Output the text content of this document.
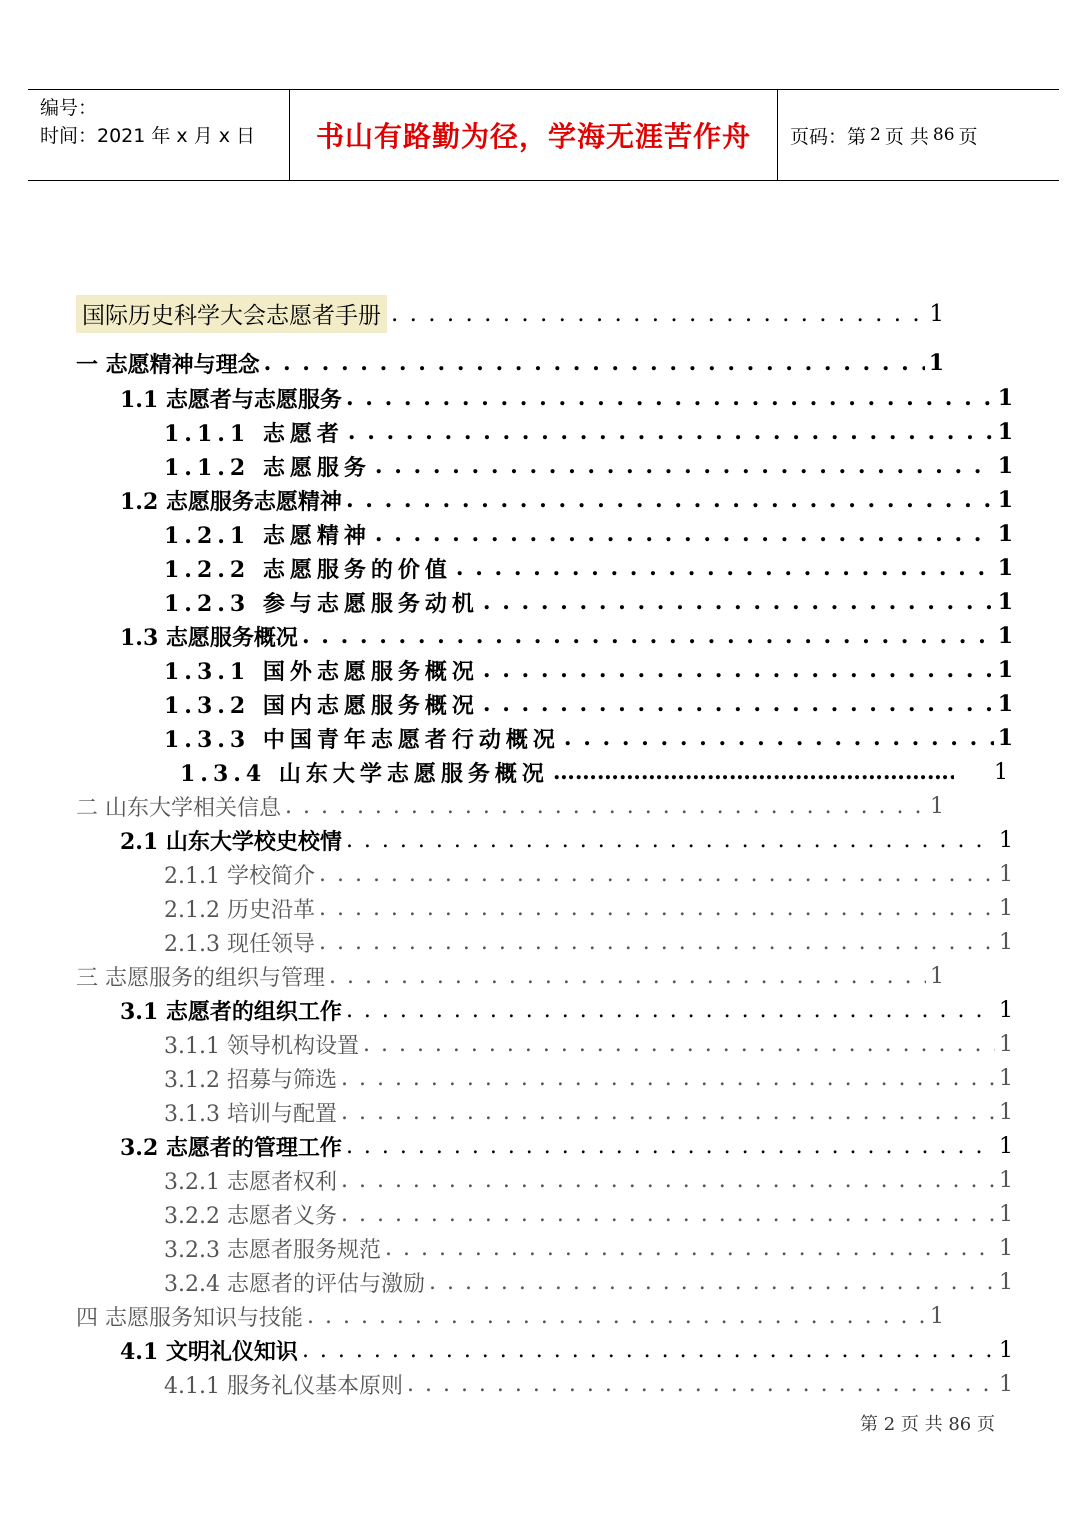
编号：
时间：2021 年 x 月 x 日	书山有路勤为径，学海无涯苦作舟	页码：第 2 页 共 86 页
国际历史科学大会志愿者手册 . . .	1
一 志愿精神与理念 . . .	1
1.1 志愿者与志愿服务 . . .	1
1.1.1 志愿者 . . .	1
1.1.2 志愿服务 . . .	1
1.2 志愿服务志愿精神 . . .	1
1.2.1 志愿精神 . . .	1
1.2.2 志愿服务的价值 . . .	1
1.2.3 参与志愿服务动机 . . .	1
1.3 志愿服务概况 . . .	1
1.3.1 国外志愿服务概况 . . .	1
1.3.2 国内志愿服务概况 . . .	1
1.3.3 中国青年志愿者行动概况 . . .	1
1.3.4 山东大学志愿服务概况 ……………………………………………………………………………	1
二 山东大学相关信息 . . .	1
2.1 山东大学校史校情 . . .	1
2.1.1 学校简介 . . .	1
2.1.2 历史沿革 . . .	1
2.1.3 现任领导 . . .	1
三 志愿服务的组织与管理 . . .	1
3.1 志愿者的组织工作 . . .	1
3.1.1 领导机构设置 . . .	1
3.1.2 招募与筛选 . . .	1
3.1.3 培训与配置 . . .	1
3.2 志愿者的管理工作 . . .	1
3.2.1 志愿者权利 . . .	1
3.2.2 志愿者义务 . . .	1
3.2.3 志愿者服务规范 . . .	1
3.2.4 志愿者的评估与激励 . . .	1
四 志愿服务知识与技能 . . .	1
4.1 文明礼仪知识 . . .	1
4.1.1 服务礼仪基本原则 . . .	1
第 2 页 共 86 页
